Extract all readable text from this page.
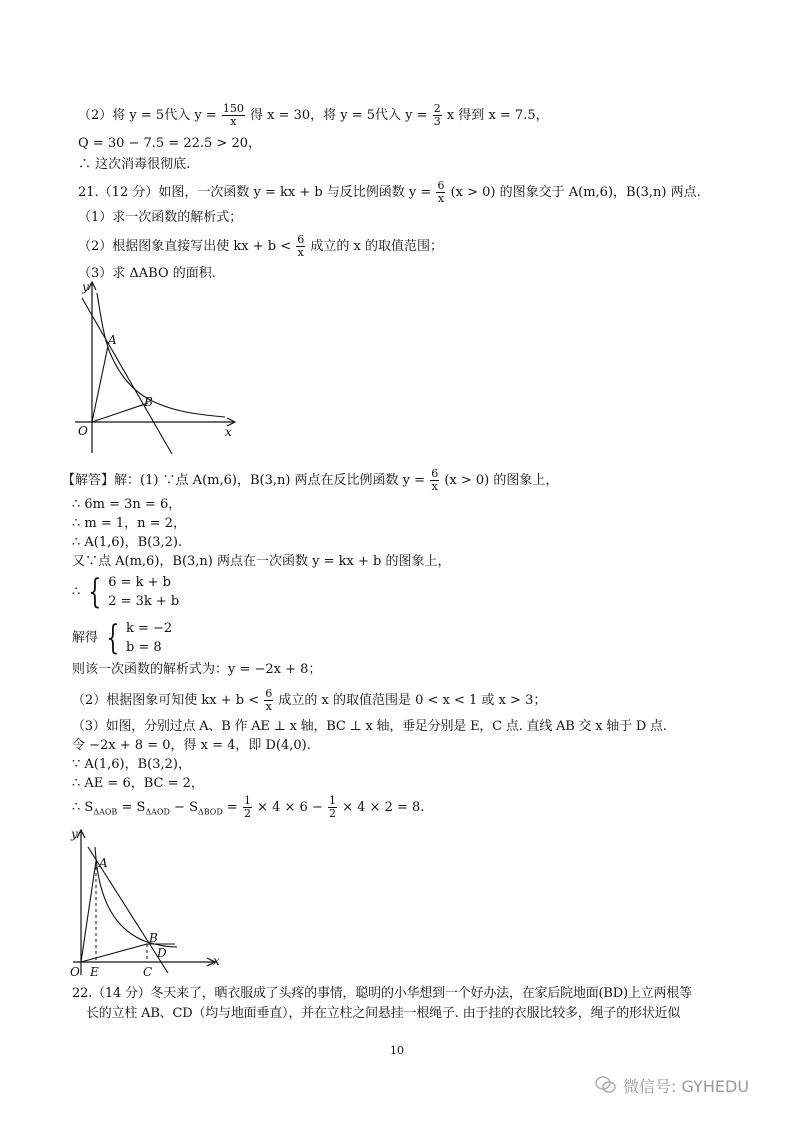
（2）将 y = 5代入 $y = \frac{150}{x}$ 得 x = 30，将 y = 5代入 $y = \frac{2}{3}$ x 得到 x = 7.5，
Q = 30 − 7.5 = 22.5 > 20，
∴ 这次消毒很彻底.
21.（12 分）如图，一次函数 y = kx + b 与反比例函数 $y = \frac{6}{x} (x > 0)$ 的图象交于 A(m,6)，B(3,n) 两点.
（1）求一次函数的解析式；
（2）根据图象直接写出使 kx + $b < \frac{6}{x}$ 成立的 x 的取值范围；
（3）求 ΔABO 的面积.
y
x
O
A
B
【解答】解：(1) ∵点 A(m,6)，B(3,n) 两点在反比例函数 $y = \frac{6}{x} (x > 0)$ 的图象上，
∴ 6m = 3n = 6，
∴ m = 1，n = 2，
∴ A(1,6)，B(3,2).
又∵点 A(m,6)，B(3,n) 两点在一次函数 y = kx + b 的图象上，
∴ { 6 = k + b
2 = 3k + b
解得 { k = −2
b = 8
则该一次函数的解析式为：y = −2x + 8；
（2）根据图象可知使 kx + $b < \frac{6}{x}$ 成立的 x 的取值范围是 0 < x < 1 或 x > 3；
（3）如图，分别过点 A、B 作 AE ⊥ x 轴，BC ⊥ x 轴，垂足分别是 E，C 点. 直线 AB 交 x 轴于 D 点.
令 −2x + 8 = 0，得 x = 4，即 D(4,0).
∵ A(1,6)，B(3,2)，
∴ AE = 6，BC = 2，
∴ $S_{\Delta AOB} = S_{\Delta AOD} - S_{\Delta BOD} = \frac{1}{2} \times 4 \times 6 - \frac{1}{2} \times 4 \times 2 = 8$.
y
x
O
A
B
D
E	C
22.（14 分）冬天来了，晒衣服成了头疼的事情，聪明的小华想到一个好办法，在家后院地面(BD)上立两根等
长的立柱 AB、CD（均与地面垂直），并在立柱之间悬挂一根绳子. 由于挂的衣服比较多，绳子的形状近似
10
微信号: GYHEDU
